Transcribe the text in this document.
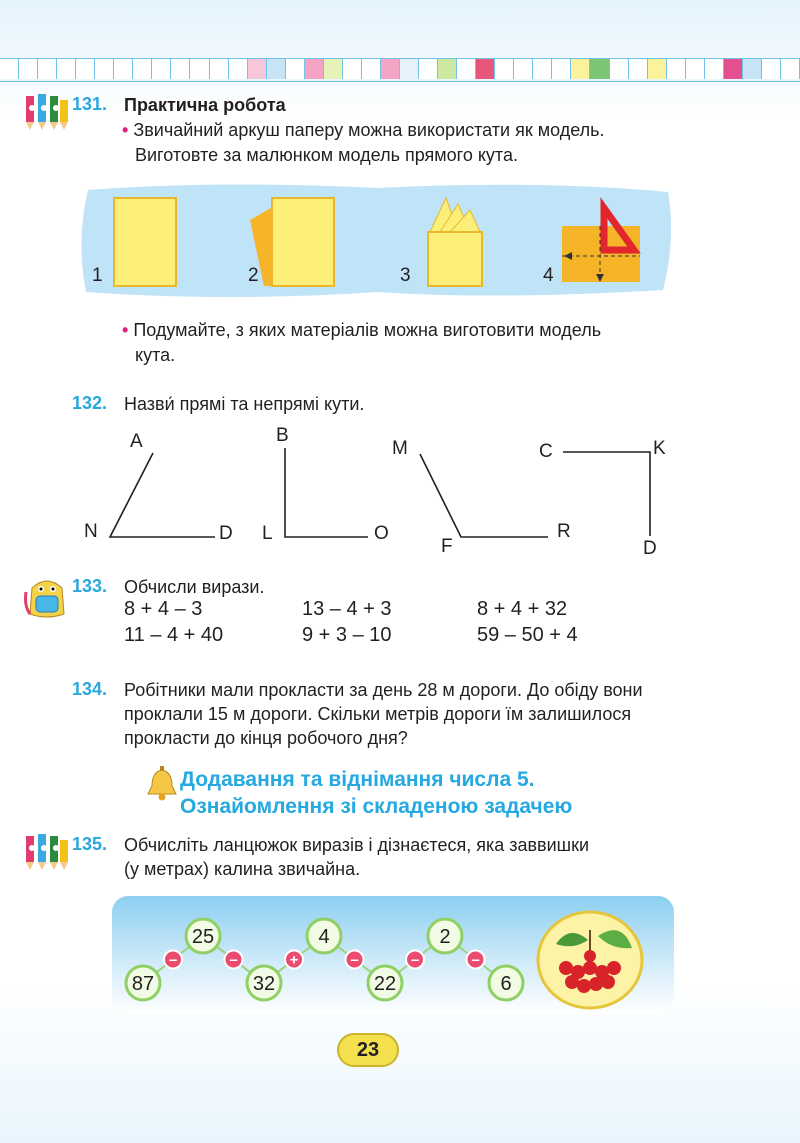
131. Практична робота
• Звичайний аркуш паперу можна використати як модель.
Виготовте за малюнком модель прямого кута.
1	2	3	4
• Подумайте, з яких матеріалів можна виготовити модель
кута.
132. Назви́ прямі та непрямі кути.
A
N	D
B
L	O
M
F
R
C	K
D
133. Обчисли вирази.
8 + 4 – 3	13 – 4 + 3	8 + 4 + 32
11 – 4 + 40	9 + 3 – 10	59 – 50 + 4
134. Робітники мали прокласти за день 28 м дороги. До обіду вони
проклали 15 м дороги. Скільки метрів дороги їм залишилося
прокласти до кінця робочого дня?
Додавання та віднімання числа 5.
Ознайомлення зі складеною задачею
135. Обчисліть ланцюжок виразів і дізнаєтеся, яка заввишки
(у метрах) калина звичайна.
–	–	+	–	–	–
87
25
32
4
22
2
6
23
